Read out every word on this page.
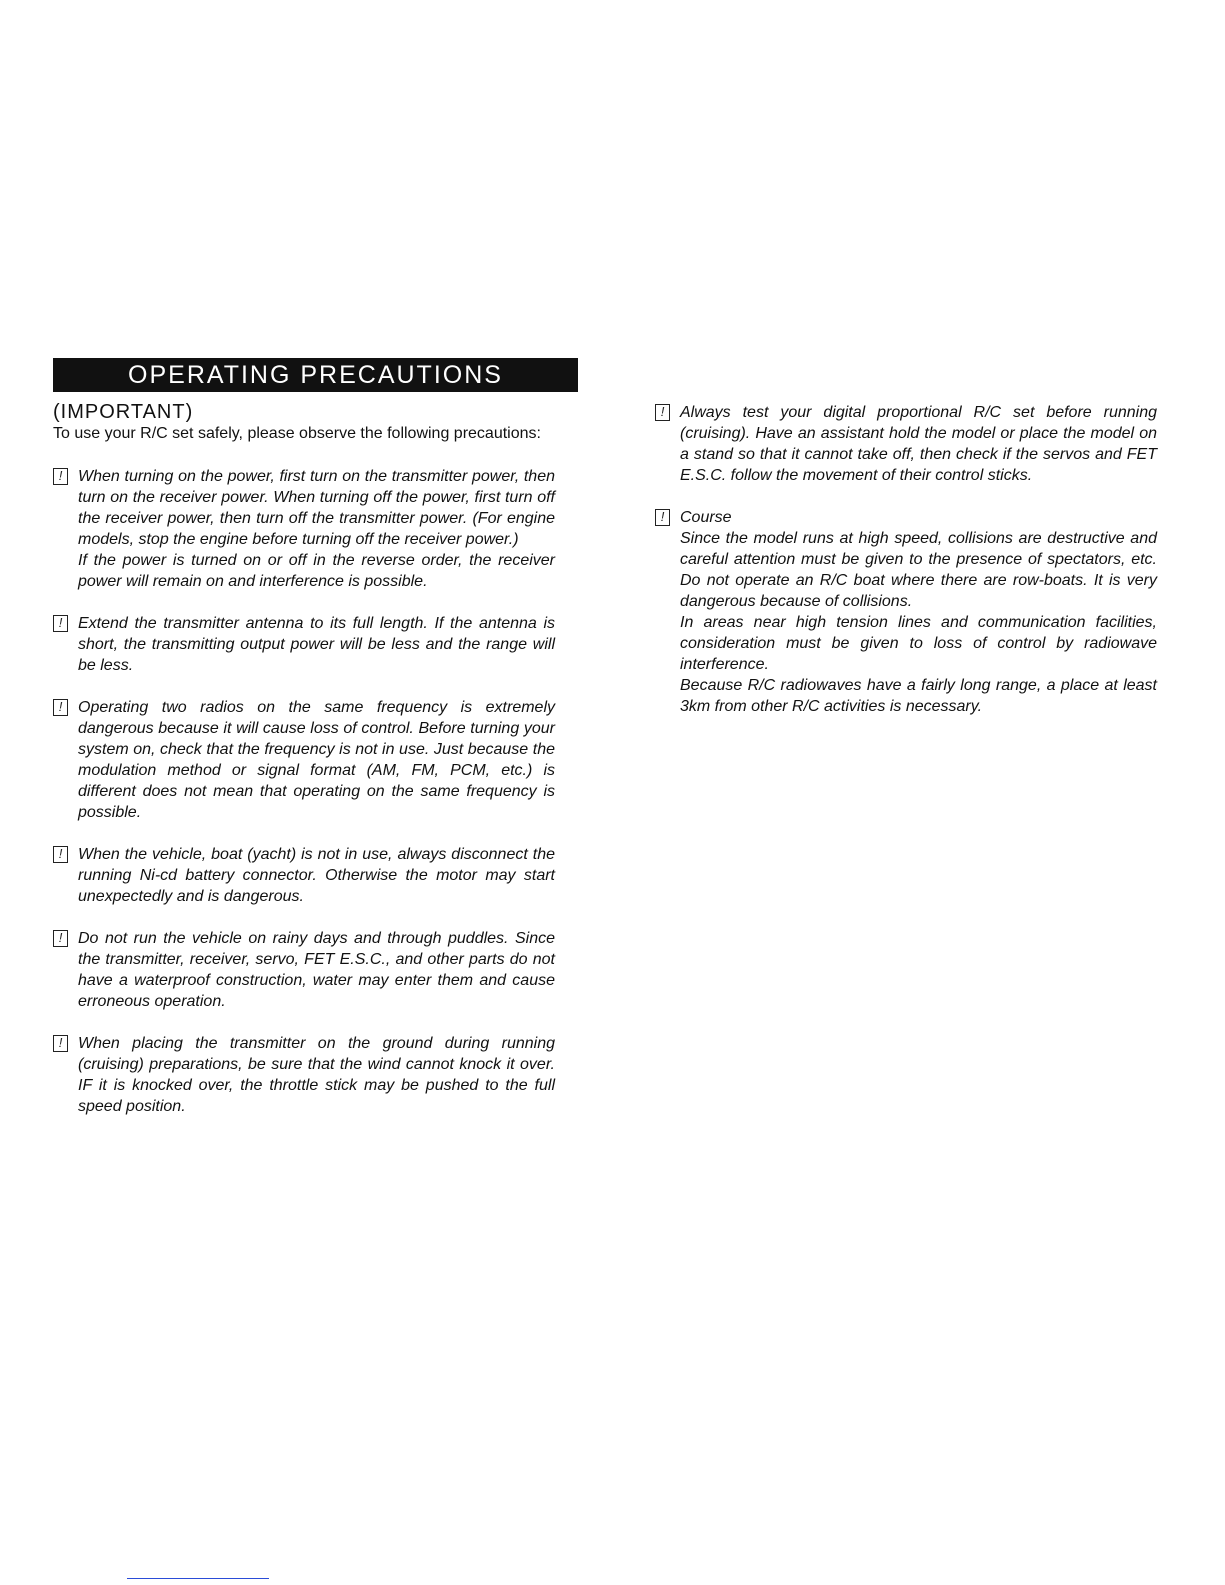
OPERATING PRECAUTIONS
(IMPORTANT)
To use your R/C set safely, please observe the following precautions:
! When turning on the power, first turn on the transmitter power, then turn on the receiver power. When turning off the power, first turn off the receiver power, then turn off the transmitter power. (For engine models, stop the engine before turning off the receiver power.)

If the power is turned on or off in the reverse order, the receiver power will remain on and interference is possible.

! Extend the transmitter antenna to its full length. If the antenna is short, the transmitting output power will be less and the range will be less.

! Operating two radios on the same frequency is extremely dangerous because it will cause loss of control. Before turning your system on, check that the frequency is not in use. Just because the modulation method or signal format (AM, FM, PCM, etc.) is different does not mean that operating on the same frequency is possible.

! When the vehicle, boat (yacht) is not in use, always disconnect the running Ni-cd battery connector. Otherwise the motor may start unexpectedly and is dangerous.

! Do not run the vehicle on rainy days and through puddles. Since the transmitter, receiver, servo, FET E.S.C., and other parts do not have a waterproof construction, water may enter them and cause erroneous operation.

! When placing the transmitter on the ground during running (cruising) preparations, be sure that the wind cannot knock it over. IF it is knocked over, the throttle stick may be pushed to the full speed position.

! Always test your digital proportional R/C set before running (cruising). Have an assistant hold the model or place the model on a stand so that it cannot take off, then check if the servos and FET E.S.C. follow the movement of their control sticks.

! Course

Since the model runs at high speed, collisions are destructive and careful attention must be given to the presence of spectators, etc. Do not operate an R/C boat where there are row-boats. It is very dangerous because of collisions.

In areas near high tension lines and communication facilities, consideration must be given to loss of control by radiowave interference.

Because R/C radiowaves have a fairly long range, a place at least 3km from other R/C activities is necessary.
